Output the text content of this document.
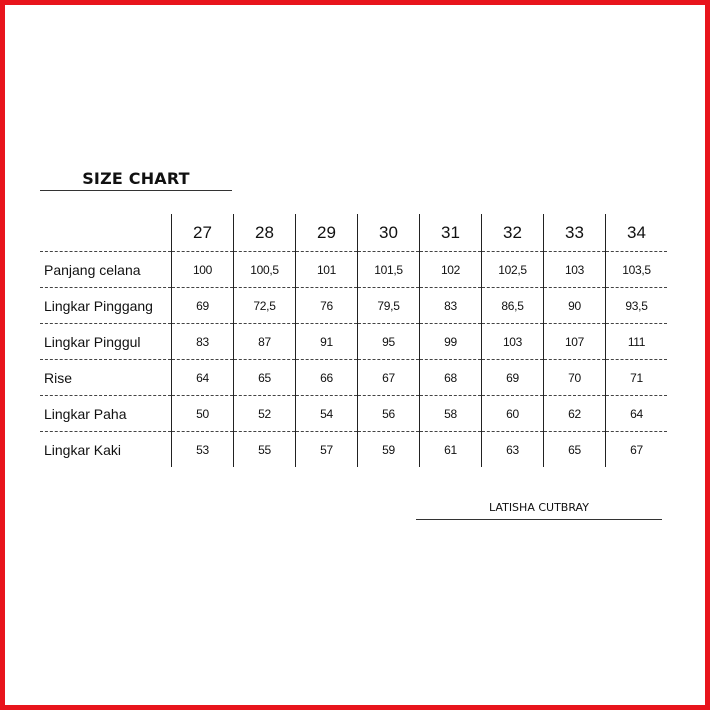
SIZE CHART
	27	28	29	30	31	32	33	34
Panjang celana	100	100,5	101	101,5	102	102,5	103	103,5
Lingkar Pinggang	69	72,5	76	79,5	83	86,5	90	93,5
Lingkar Pinggul	83	87	91	95	99	103	107	111
Rise	64	65	66	67	68	69	70	71
Lingkar Paha	50	52	54	56	58	60	62	64
Lingkar Kaki	53	55	57	59	61	63	65	67
LATISHA CUTBRAY
